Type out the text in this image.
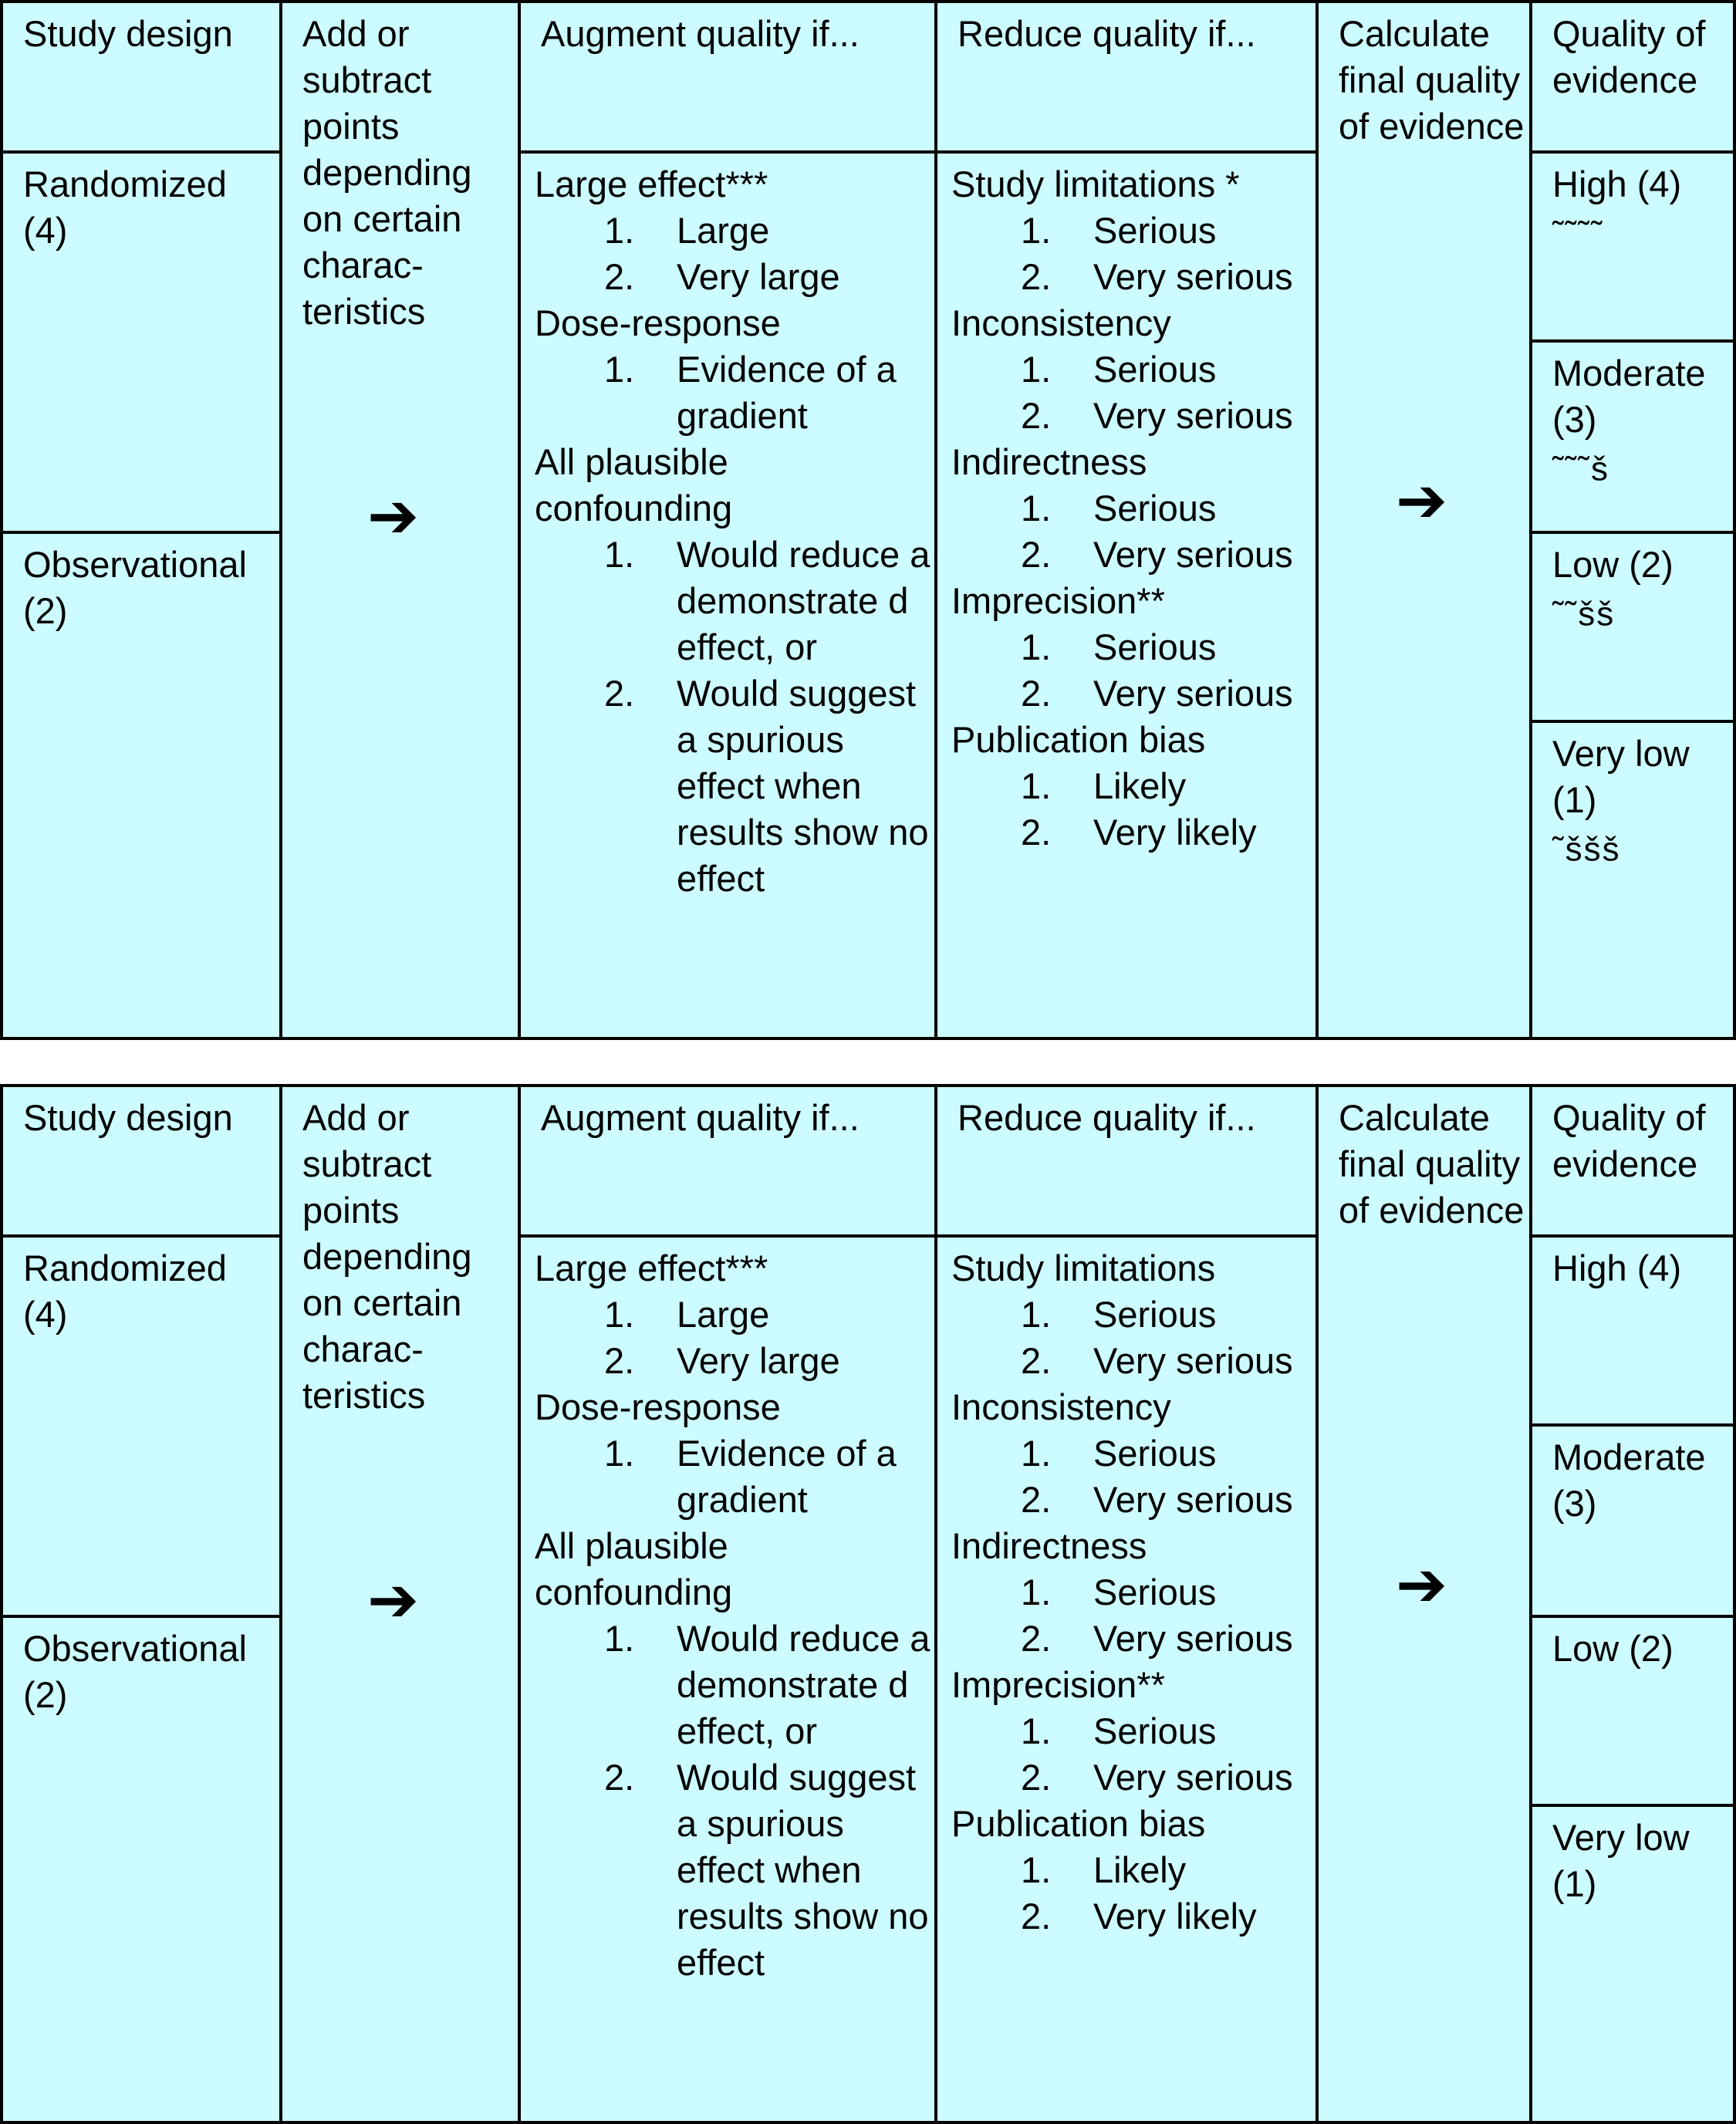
Study design
Randomized (4)
Observational (2)
Add or subtract points depending on certain charac-teristics
➔
Augment quality if...
Large effect***
1. Large
2. Very large
Dose-response
1. Evidence of a gradient
All plausible confounding
1. Would reduce a demonstrate d effect, or
2. Would suggest a spurious effect when results show no effect
Reduce quality if...
Study limitations *
1. Serious
2. Very serious
Inconsistency
1. Serious
2. Very serious
Indirectness
1. Serious
2. Very serious
Imprecision**
1. Serious
2. Very serious
Publication bias
1. Likely
2. Very likely
Calculate final quality of evidence
➔
Quality of evidence
High (4)
˜˜˜˜
Moderate (3)
˜˜˜š
Low (2)
˜˜šš
Very low (1)
˜ššš
Study design
Randomized (4)
Observational (2)
Add or subtract points depending on certain charac-teristics
➔
Augment quality if...
Large effect***
1. Large
2. Very large
Dose-response
1. Evidence of a gradient
All plausible confounding
1. Would reduce a demonstrate d effect, or
2. Would suggest a spurious effect when results show no effect
Reduce quality if...
Study limitations
1. Serious
2. Very serious
Inconsistency
1. Serious
2. Very serious
Indirectness
1. Serious
2. Very serious
Imprecision**
1. Serious
2. Very serious
Publication bias
1. Likely
2. Very likely
Calculate final quality of evidence
➔
Quality of evidence
High (4)
Moderate (3)
Low (2)
Very low (1)
